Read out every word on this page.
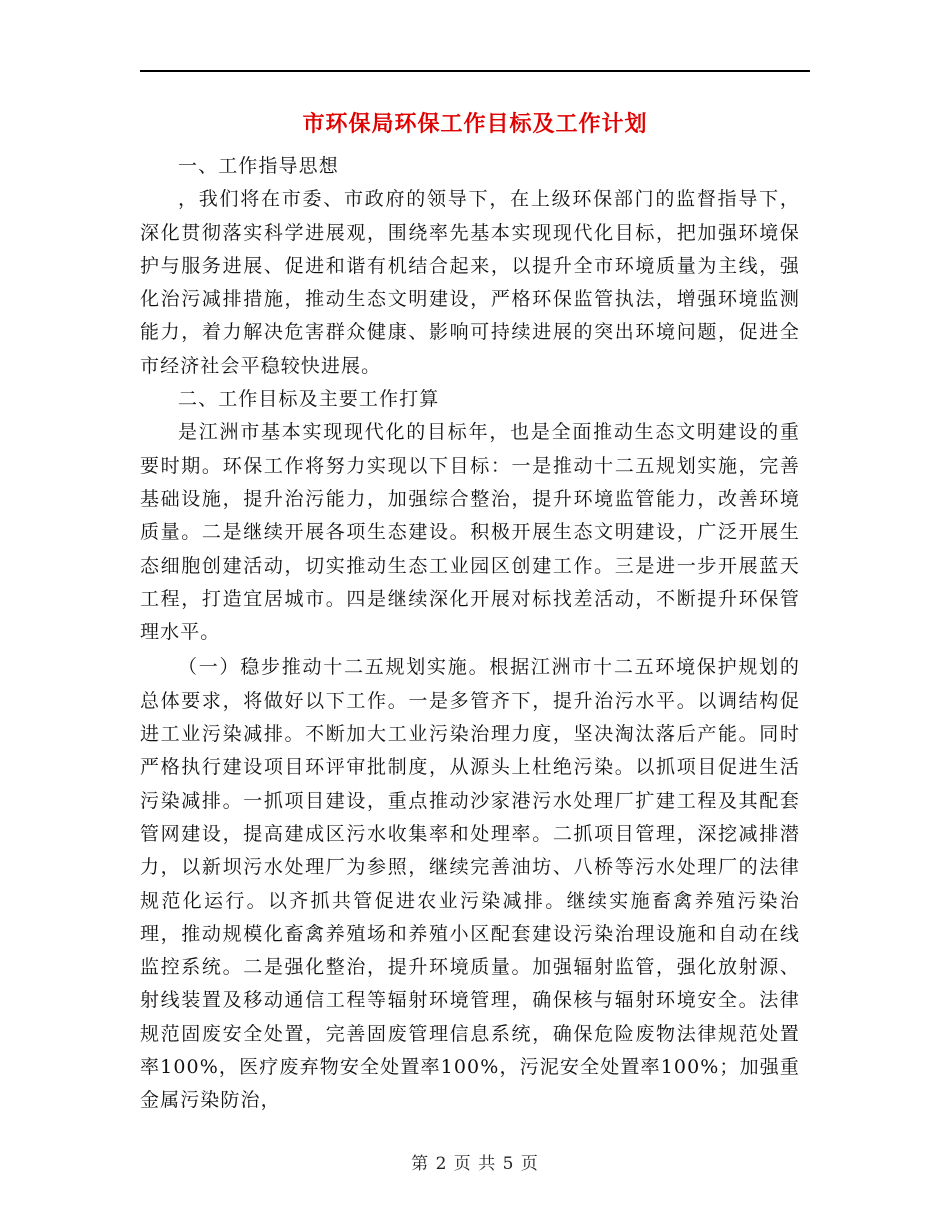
市环保局环保工作目标及工作计划

一、工作指导思想

，我们将在市委、市政府的领导下，在上级环保部门的监督指导下，深化贯彻落实科学进展观，围绕率先基本实现现代化目标，把加强环境保护与服务进展、促进和谐有机结合起来，以提升全市环境质量为主线，强化治污减排措施，推动生态文明建设，严格环保监管执法，增强环境监测能力，着力解决危害群众健康、影响可持续进展的突出环境问题，促进全市经济社会平稳较快进展。

二、工作目标及主要工作打算

是江洲市基本实现现代化的目标年，也是全面推动生态文明建设的重要时期。环保工作将努力实现以下目标：一是推动十二五规划实施，完善基础设施，提升治污能力，加强综合整治，提升环境监管能力，改善环境质量。二是继续开展各项生态建设。积极开展生态文明建设，广泛开展生态细胞创建活动，切实推动生态工业园区创建工作。三是进一步开展蓝天工程，打造宜居城市。四是继续深化开展对标找差活动，不断提升环保管理水平。

（一）稳步推动十二五规划实施。根据江洲市十二五环境保护规划的总体要求，将做好以下工作。一是多管齐下，提升治污水平。以调结构促进工业污染减排。不断加大工业污染治理力度，坚决淘汰落后产能。同时严格执行建设项目环评审批制度，从源头上杜绝污染。以抓项目促进生活污染减排。一抓项目建设，重点推动沙家港污水处理厂扩建工程及其配套管网建设，提高建成区污水收集率和处理率。二抓项目管理，深挖减排潜力，以新坝污水处理厂为参照，继续完善油坊、八桥等污水处理厂的法律规范化运行。以齐抓共管促进农业污染减排。继续实施畜禽养殖污染治理，推动规模化畜禽养殖场和养殖小区配套建设污染治理设施和自动在线监控系统。二是强化整治，提升环境质量。加强辐射监管，强化放射源、射线装置及移动通信工程等辐射环境管理，确保核与辐射环境安全。法律规范固废安全处置，完善固废管理信息系统，确保危险废物法律规范处置率100%，医疗废弃物安全处置率100%，污泥安全处置率100%；加强重金属污染防治，

第 2 页 共 5 页
